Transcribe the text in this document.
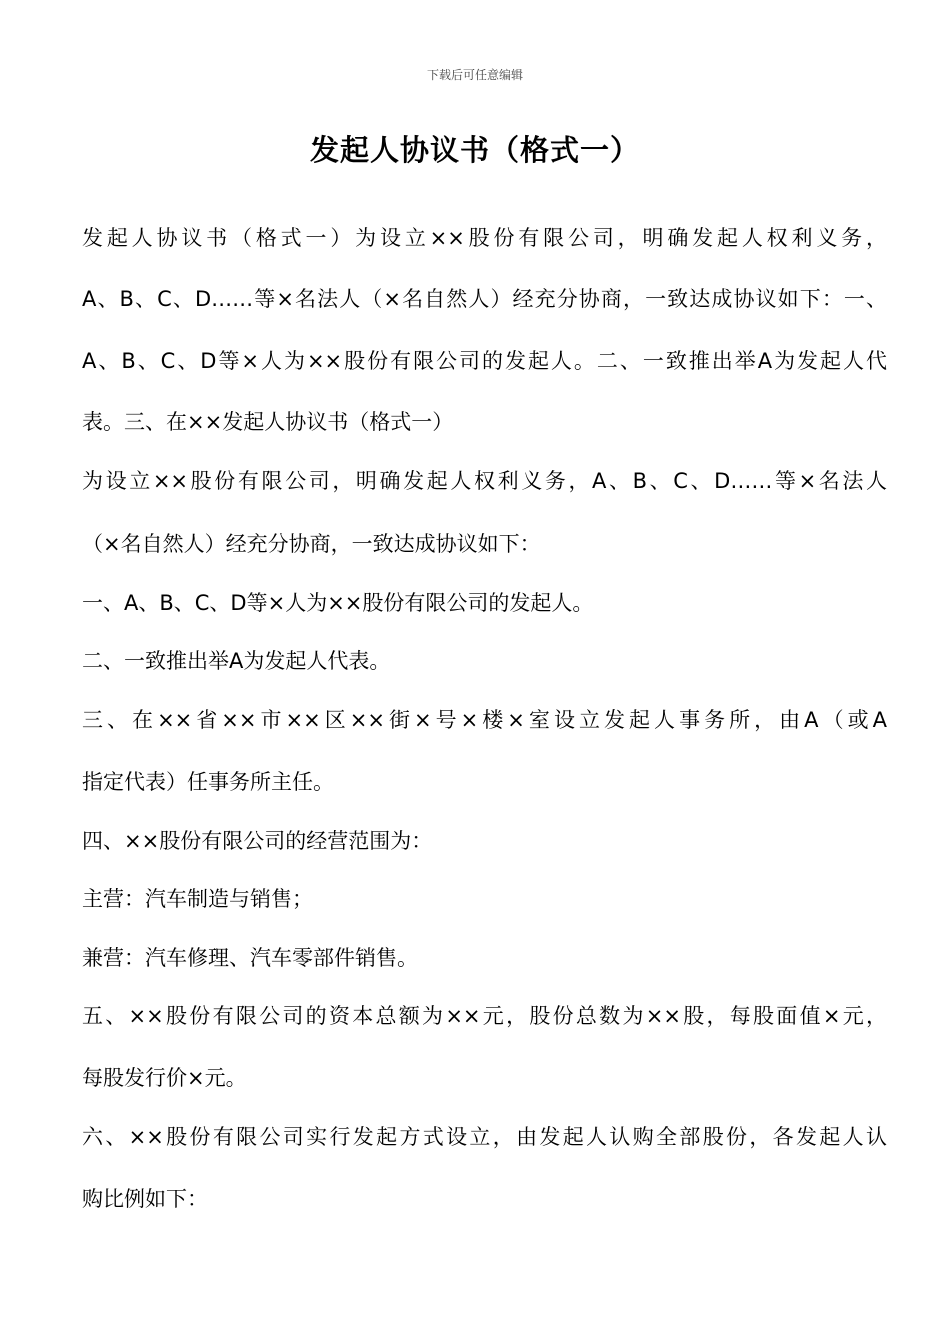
下载后可任意编辑
发起人协议书（格式一）
发起人协议书（格式一）为设立××股份有限公司，明确发起人权利义务，
A、B、C、D……等×名法人（×名自然人）经充分协商，一致达成协议如下：一、
A、B、C、D等×人为××股份有限公司的发起人。二、一致推出举A为发起人代
表。三、在××发起人协议书（格式一）
为设立××股份有限公司，明确发起人权利义务，A、B、C、D……等×名法人
（×名自然人）经充分协商，一致达成协议如下：
一、A、B、C、D等×人为××股份有限公司的发起人。
二、一致推出举A为发起人代表。
三、在××省××市××区××街×号×楼×室设立发起人事务所，由A（或A
指定代表）任事务所主任。
四、××股份有限公司的经营范围为：
主营：汽车制造与销售；
兼营：汽车修理、汽车零部件销售。
五、××股份有限公司的资本总额为××元，股份总数为××股，每股面值×元，
每股发行价×元。
六、××股份有限公司实行发起方式设立，由发起人认购全部股份，各发起人认
购比例如下：
